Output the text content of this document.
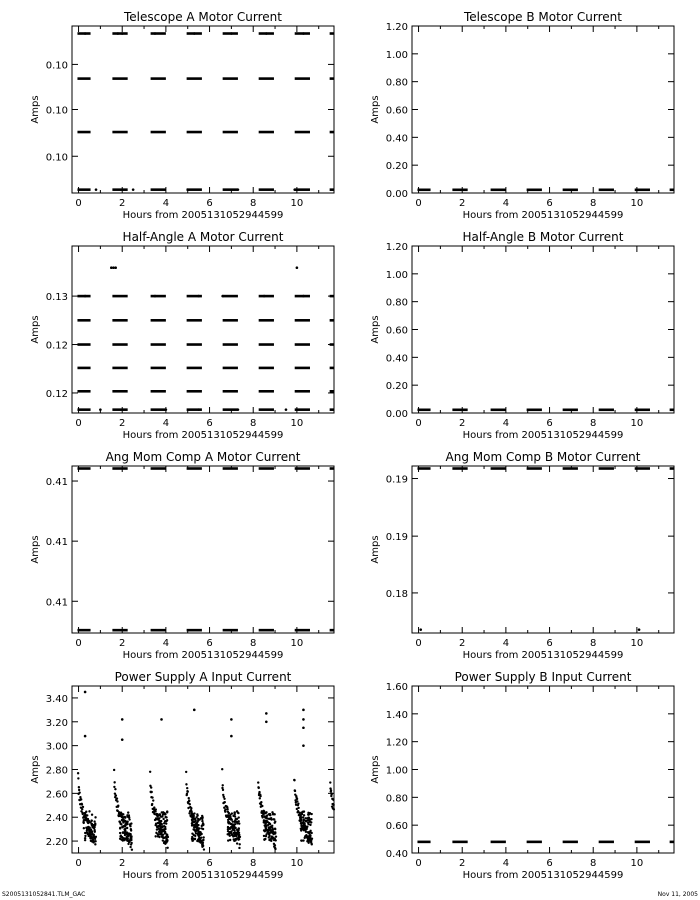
Telescope A Motor Current
0	2	4	6	8	10
0.10
0.10
0.10
Hours from 2005131052944599
Amps
Telescope B Motor Current
0	2	4	6	8	10
0.00
0.20
0.40
0.60
0.80
1.00
1.20
Hours from 2005131052944599
Amps
Half-Angle A Motor Current
0	2	4	6	8	10
0.13
0.12
0.12
Hours from 2005131052944599
Amps
Half-Angle B Motor Current
0	2	4	6	8	10
0.00
0.20
0.40
0.60
0.80
1.00
1.20
Hours from 2005131052944599
Amps
Ang Mom Comp A Motor Current
0	2	4	6	8	10
0.41
0.41
0.41
Hours from 2005131052944599
Amps
Ang Mom Comp B Motor Current
0	2	4	6	8	10
0.19
0.19
0.18
Hours from 2005131052944599
Amps
Power Supply A Input Current
0	2	4	6	8	10
2.20
2.40
2.60
2.80
3.00
3.20
3.40
Hours from 2005131052944599
Amps
Power Supply B Input Current
0	2	4	6	8	10
0.40
0.60
0.80
1.00
1.20
1.40
1.60
Hours from 2005131052944599
Amps
S2005131052841.TLM_GAC	Nov 11, 2005
